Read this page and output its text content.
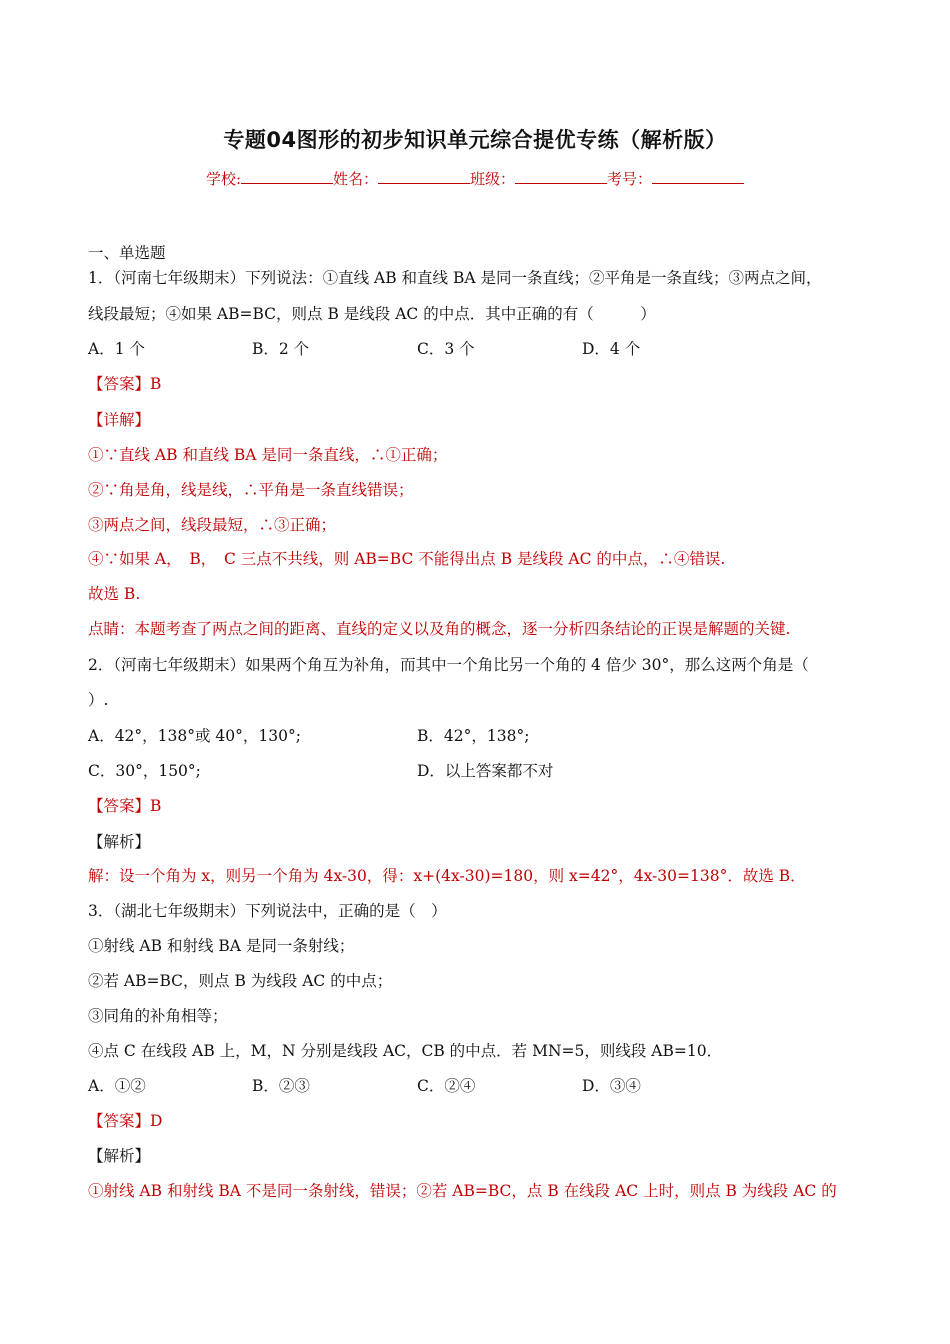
专题04图形的初步知识单元综合提优专练（解析版）
学校:	姓名：	班级：	考号：
一、单选题
1．（河南七年级期末）下列说法：①直线 AB 和直线 BA 是同一条直线；②平角是一条直线；③两点之间，
线段最短；④如果 AB=BC，则点 B 是线段 AC 的中点．其中正确的有（　　　）
A．1 个	B．2 个	C．3 个	D．4 个
【答案】B
【详解】
①∵直线 AB 和直线 BA 是同一条直线，∴①正确；
②∵角是角，线是线，∴平角是一条直线错误；
③两点之间，线段最短，∴③正确；
④∵如果 A，　B，　C 三点不共线，则 AB=BC 不能得出点 B 是线段 AC 的中点，∴④错误.
故选 B.
点睛：本题考查了两点之间的距离、直线的定义以及角的概念，逐一分析四条结论的正误是解题的关键.
2．（河南七年级期末）如果两个角互为补角，而其中一个角比另一个角的 4 倍少 30°，那么这两个角是（
）.
A．42°，138°或 40°，130°;	B．42°，138°;
C．30°，150°;	D．以上答案都不对
【答案】B
【解析】
解：设一个角为 x，则另一个角为 4x-30，得：x+(4x-30)=180，则 x=42°，4x-30=138°．故选 B．
3．（湖北七年级期末）下列说法中，正确的是（　）
①射线 AB 和射线 BA 是同一条射线；
②若 AB=BC，则点 B 为线段 AC 的中点；
③同角的补角相等；
④点 C 在线段 AB 上，M，N 分别是线段 AC，CB 的中点．若 MN=5，则线段 AB=10．
A．①②	B．②③	C．②④	D．③④
【答案】D
【解析】
①射线 AB 和射线 BA 不是同一条射线，错误；②若 AB=BC，点 B 在线段 AC 上时，则点 B 为线段 AC 的
